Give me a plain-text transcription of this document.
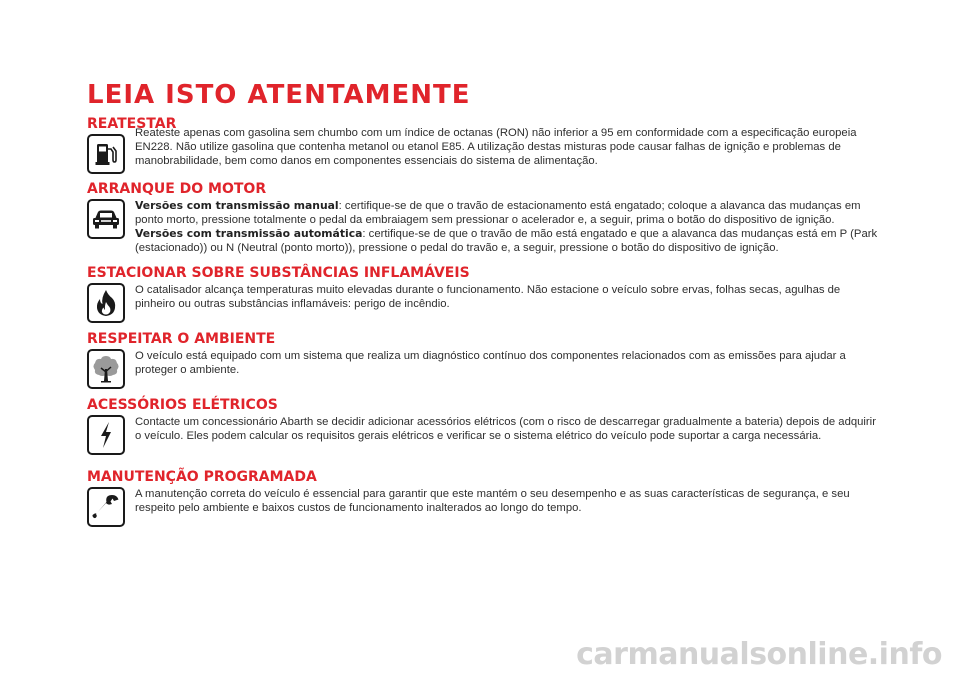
LEIA ISTO ATENTAMENTE
REATESTAR

Reateste apenas com gasolina sem chumbo com um índice de octanas (RON) não inferior a 95 em conformidade com a especificação europeia EN228. Não utilize gasolina que contenha metanol ou etanol E85. A utilização destas misturas pode causar falhas de ignição e problemas de manobrabilidade, bem como danos em componentes essenciais do sistema de alimentação.

ARRANQUE DO MOTOR

Versões com transmissão manual: certifique-se de que o travão de estacionamento está engatado; coloque a alavanca das mudanças em ponto morto, pressione totalmente o pedal da embraiagem sem pressionar o acelerador e, a seguir, prima o botão do dispositivo de ignição.
Versões com transmissão automática: certifique-se de que o travão de mão está engatado e que a alavanca das mudanças está em P (Park (estacionado)) ou N (Neutral (ponto morto)), pressione o pedal do travão e, a seguir, pressione o botão do dispositivo de ignição.

ESTACIONAR SOBRE SUBSTÂNCIAS INFLAMÁVEIS

O catalisador alcança temperaturas muito elevadas durante o funcionamento. Não estacione o veículo sobre ervas, folhas secas, agulhas de pinheiro ou outras substâncias inflamáveis: perigo de incêndio.

RESPEITAR O AMBIENTE

O veículo está equipado com um sistema que realiza um diagnóstico contínuo dos componentes relacionados com as emissões para ajudar a proteger o ambiente.

ACESSÓRIOS ELÉTRICOS

Contacte um concessionário Abarth se decidir adicionar acessórios elétricos (com o risco de descarregar gradualmente a bateria) depois de adquirir o veículo. Eles podem calcular os requisitos gerais elétricos e verificar se o sistema elétrico do veículo pode suportar a carga necessária.

MANUTENÇÃO PROGRAMADA

A manutenção correta do veículo é essencial para garantir que este mantém o seu desempenho e as suas características de segurança, e seu respeito pelo ambiente e baixos custos de funcionamento inalterados ao longo do tempo.

carmanualsonline.info
